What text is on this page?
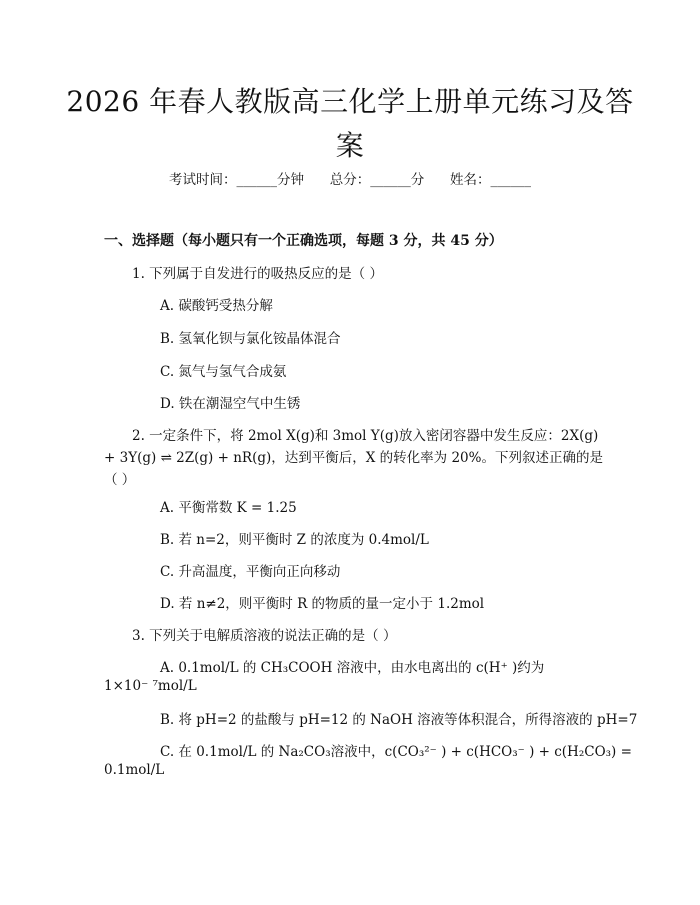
2026 年春人教版高三化学上册单元练习及答
案
考试时间：______分钟      总分：______分      姓名：______
一、选择题（每小题只有一个正确选项，每题 3 分，共 45 分）
1. 下列属于自发进行的吸热反应的是（ ）
A. 碳酸钙受热分解
B. 氢氧化钡与氯化铵晶体混合
C. 氮气与氢气合成氨
D. 铁在潮湿空气中生锈
2. 一定条件下，将 2mol X(g)和 3mol Y(g)放入密闭容器中发生反应：2X(g)
+ 3Y(g) ⇌ 2Z(g) + nR(g)，达到平衡后，X 的转化率为 20%。下列叙述正确的是
（ ）
A. 平衡常数 K = 1.25
B. 若 n=2，则平衡时 Z 的浓度为 0.4mol/L
C. 升高温度，平衡向正向移动
D. 若 n≠2，则平衡时 R 的物质的量一定小于 1.2mol
3. 下列关于电解质溶液的说法正确的是（ ）
A. 0.1mol/L 的 CH₃COOH 溶液中，由水电离出的 c(H⁺ )约为
1×10⁻ ⁷mol/L
B. 将 pH=2 的盐酸与 pH=12 的 NaOH 溶液等体积混合，所得溶液的 pH=7
C. 在 0.1mol/L 的 Na₂CO₃溶液中，c(CO₃²⁻ ) + c(HCO₃⁻ ) + c(H₂CO₃) =
0.1mol/L
